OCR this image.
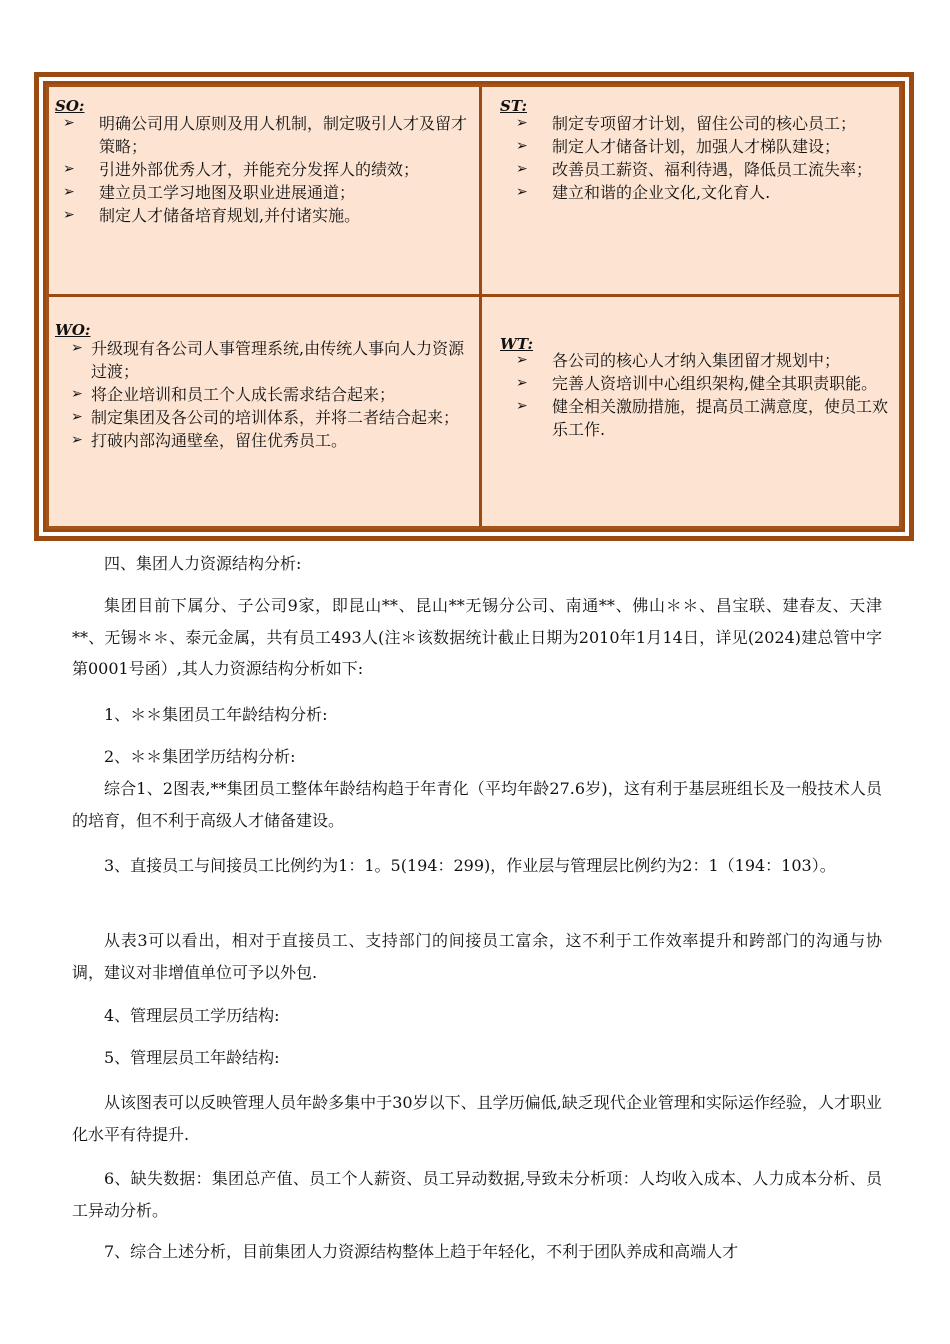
SO:
➢ 明确公司用人原则及用人机制，制定吸引人才及留才策略；
➢ 引进外部优秀人才，并能充分发挥人的绩效；
➢ 建立员工学习地图及职业进展通道；
➢ 制定人才储备培育规划,并付诸实施。
ST:
➢ 制定专项留才计划，留住公司的核心员工；
➢ 制定人才储备计划，加强人才梯队建设；
➢ 改善员工薪资、福利待遇，降低员工流失率；
➢ 建立和谐的企业文化,文化育人.
WO:
➢ 升级现有各公司人事管理系统,由传统人事向人力资源过渡；
➢ 将企业培训和员工个人成长需求结合起来；
➢ 制定集团及各公司的培训体系，并将二者结合起来；
➢ 打破内部沟通壁垒，留住优秀员工。
WT:
➢ 各公司的核心人才纳入集团留才规划中；
➢ 完善人资培训中心组织架构,健全其职责职能。
➢ 健全相关激励措施，提高员工满意度，使员工欢乐工作.
四、集团人力资源结构分析:
集团目前下属分、子公司9家，即昆山**、昆山**无锡分公司、南通**、佛山＊＊、昌宝联、建春友、天津**、无锡＊＊、泰元金属，共有员工493人(注＊该数据统计截止日期为2010年1月14日，详见(2024)建总管中字第0001号函）,其人力资源结构分析如下:
1、＊＊集团员工年龄结构分析:
2、＊＊集团学历结构分析:
综合1、2图表,**集团员工整体年龄结构趋于年青化（平均年龄27.6岁)，这有利于基层班组长及一般技术人员的培育，但不利于高级人才储备建设。
3、直接员工与间接员工比例约为1：1。5(194：299)，作业层与管理层比例约为2：1（194：103）。
从表3可以看出，相对于直接员工、支持部门的间接员工富余，这不利于工作效率提升和跨部门的沟通与协调，建议对非增值单位可予以外包.
4、管理层员工学历结构:
5、管理层员工年龄结构:
从该图表可以反映管理人员年龄多集中于30岁以下、且学历偏低,缺乏现代企业管理和实际运作经验，人才职业化水平有待提升.
6、缺失数据：集团总产值、员工个人薪资、员工异动数据,导致未分析项：人均收入成本、人力成本分析、员工异动分析。
7、综合上述分析，目前集团人力资源结构整体上趋于年轻化，不利于团队养成和高端人才
